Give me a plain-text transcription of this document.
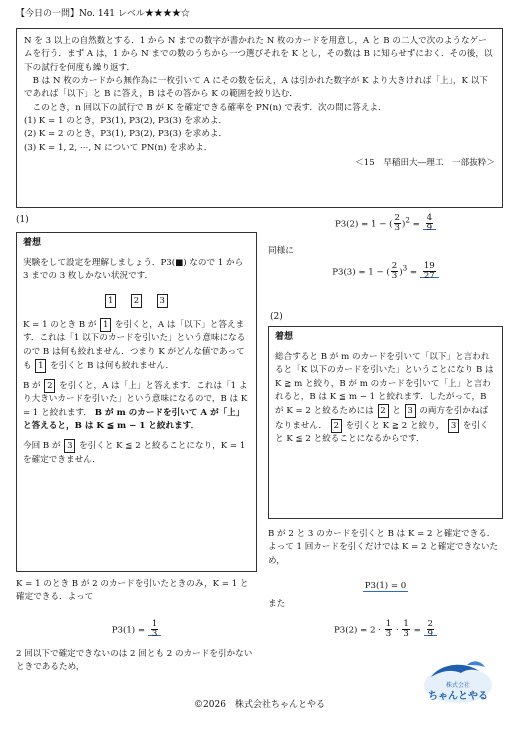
【今日の一問】No. 141 レベル★★★★☆

N を 3 以上の自然数とする．1 から N までの数字が書かれた N 枚のカードを用意し，A と B の二人で次のようなゲームを行う．まず A は，1 から N までの数のうちから一つ選びそれを K とし，その数は B に知らせずにおく．その後，以下の試行を何度も繰り返す．

　B は N 枚のカードから無作為に一枚引いて A にその数を伝え，A は引かれた数字が K より大きければ「上」，K 以下であれば「以下」と B に答え，B はその答から K の範囲を絞り込む．

　このとき，n 回以下の試行で B が K を確定できる確率を PN(n) で表す．次の問に答えよ．

(1) K = 1 のとき，P3(1), P3(2), P3(3) を求めよ．

(2) K = 2 のとき，P3(1), P3(2), P3(3) を求めよ．

(3) K = 1, 2, ⋯, N について PN(n) を求めよ．

＜15　早稲田大―理工　一部抜粋＞

(1)
着想
実験をして設定を理解しましょう．P3(■) なので 1 から 3 までの 3 枚しかない状況です．
1 2 3
K = 1 のとき B が 1 を引くと，A は「以下」と答えます．これは「1 以下のカードを引いた」という意味になるので B は何も絞れません．つまり K がどんな値であっても 1 を引くと B は何も絞れません．
B が 2 を引くと，A は「上」と答えます．これは「1 より大きいカードを引いた」という意味になるので，B は K = 1 と絞れます． B が m のカードを引いて A が「上」と答えると，B は K ≦ m − 1 と絞れます．
今回 B が 3 を引くと K ≦ 2 と絞ることになり，K = 1 を確定できません．
K = 1 のとき B が 2 のカードを引いたときのみ，K = 1 と確定できる．よって
$P3(1) = \frac{1}{3}$
2 回以下で確定できないのは 2 回とも 2 のカードを引かないときであるため，
P3(2) = 1 − ( $\frac{2}{3} )^2 = \frac{4}{9}$
同様に
P3(3) = 1 − ( $\frac{2}{3} )^3 = \frac{19}{27}$
(2)
着想
総合すると B が m のカードを引いて「以下」と言われると「K 以下のカードを引いた」ということになり B は K ≧ m と絞り，B が m のカードを引いて「上」と言われると，B は K ≦ m − 1 と絞れます．したがって，B が K = 2 と絞るためには 2 と 3 の両方を引かねばなりません． 2 を引くと K ≧ 2 と絞り， 3 を引くと K ≦ 2 と絞ることになるからです．
B が 2 と 3 のカードを引くと B は K = 2 と確定できる．よって 1 回カードを引くだけでは K = 2 と確定できないため，
P3(1) = 0
また
$P3(2) = 2 \cdot \frac{1}{3} \cdot \frac{1}{3} = \frac{2}{9}$
株式会社
ちゃんとやる
©2026　株式会社ちゃんとやる
